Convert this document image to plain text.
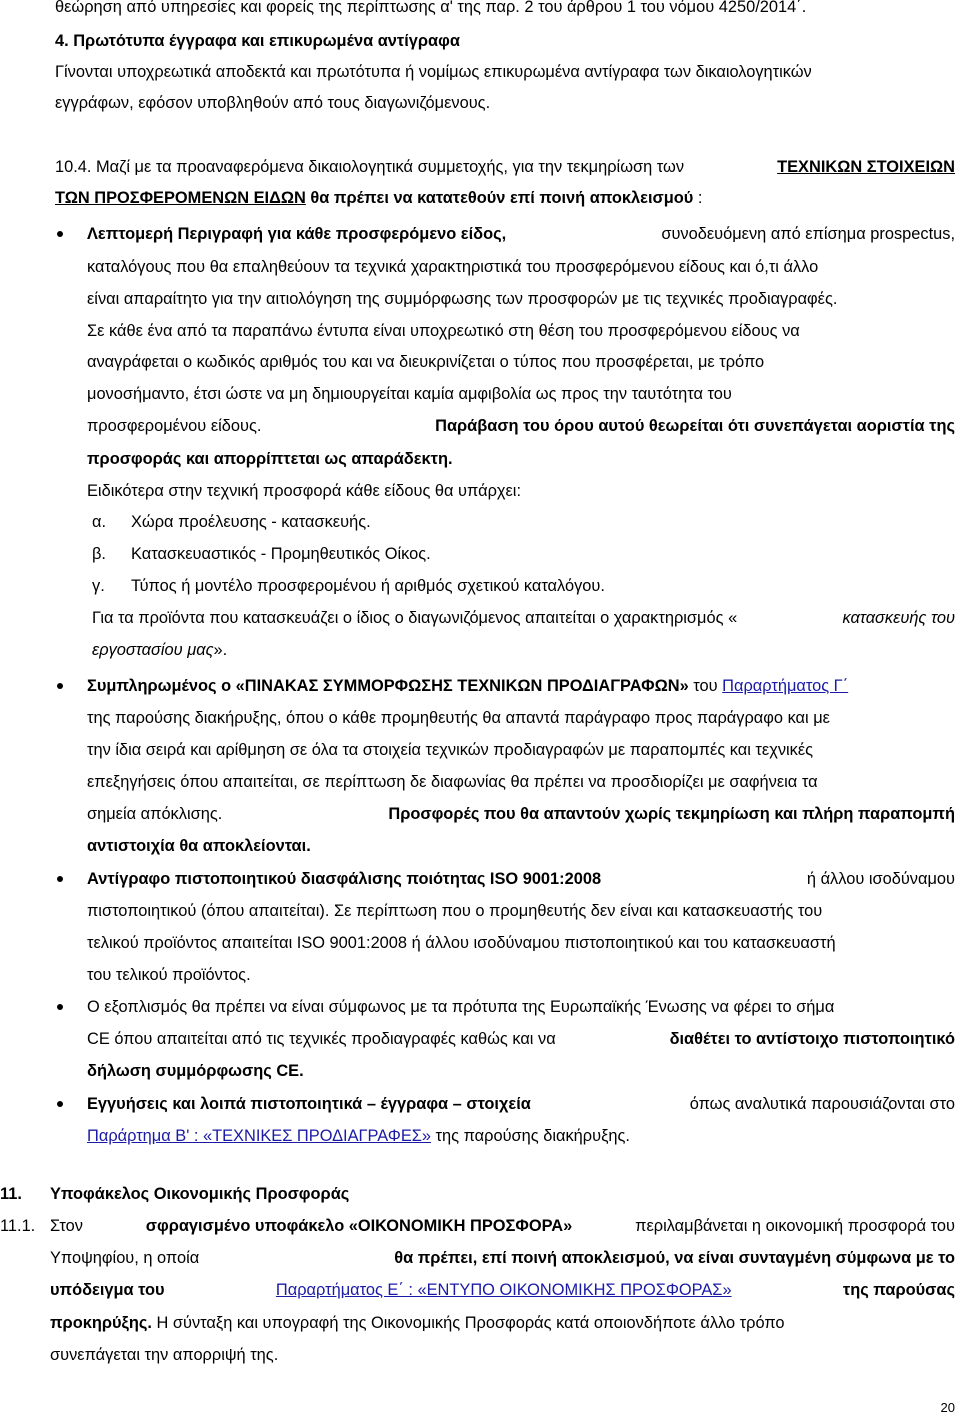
θεώρηση από υπηρεσίες και φορείς της περίπτωσης α' της παρ. 2 του άρθρου 1 του νόμου 4250/2014΄.
4. Πρωτότυπα έγγραφα και επικυρωμένα αντίγραφα
Γίνονται υποχρεωτικά αποδεκτά και πρωτότυπα ή νομίμως επικυρωμένα αντίγραφα των δικαιολογητικών
εγγράφων, εφόσον υποβληθούν από τους διαγωνιζόμενους.
10.4. Μαζί με τα προαναφερόμενα δικαιολογητικά συμμετοχής, για την τεκμηρίωση των	ΤΕΧΝΙΚΩΝ ΣΤΟΙΧΕΙΩΝ
ΤΩΝ ΠΡΟΣΦΕΡΟΜΕΝΩΝ ΕΙΔΩΝ θα πρέπει να κατατεθούν επί ποινή αποκλεισμού :
Λεπτομερή Περιγραφή για κάθε προσφερόμενο είδος,	συνοδευόμενη από επίσημα prospectus,
καταλόγους που θα επαληθεύουν τα τεχνικά χαρακτηριστικά του προσφερόμενου είδους και ό,τι άλλο
είναι απαραίτητο για την αιτιολόγηση της συμμόρφωσης των προσφορών με τις τεχνικές προδιαγραφές.
Σε κάθε ένα από τα παραπάνω έντυπα είναι υποχρεωτικό στη θέση του προσφερόμενου είδους να
αναγράφεται ο κωδικός αριθμός του και να διευκρινίζεται ο τύπος που προσφέρεται, με τρόπο
μονοσήμαντο, έτσι ώστε να μη δημιουργείται καμία αμφιβολία ως προς την ταυτότητα του
προσφερομένου είδους.	Παράβαση του όρου αυτού θεωρείται ότι συνεπάγεται αοριστία της
προσφοράς και απορρίπτεται ως απαράδεκτη.
Ειδικότερα στην τεχνική προσφορά κάθε είδους θα υπάρχει:
α. Χώρα προέλευσης - κατασκευής.
β. Κατασκευαστικός - Προμηθευτικός Οίκος.
γ. Τύπος ή μοντέλο προσφερομένου ή αριθμός σχετικού καταλόγου.
Για τα προϊόντα που κατασκευάζει ο ίδιος ο διαγωνιζόμενος απαιτείται ο χαρακτηρισμός «	κατασκευής του
εργοστασίου μας».
Συμπληρωμένος ο «ΠΙΝΑΚΑΣ ΣΥΜΜΟΡΦΩΣΗΣ ΤΕΧΝΙΚΩΝ ΠΡΟΔΙΑΓΡΑΦΩΝ» του Παραρτήματος Γ΄
της παρούσης διακήρυξης, όπου ο κάθε προμηθευτής θα απαντά παράγραφο προς παράγραφο και με
την ίδια σειρά και αρίθμηση σε όλα τα στοιχεία τεχνικών προδιαγραφών με παραπομπές και τεχνικές
επεξηγήσεις όπου απαιτείται, σε περίπτωση δε διαφωνίας θα πρέπει να προσδιορίζει με σαφήνεια τα
σημεία απόκλισης.	Προσφορές που θα απαντούν χωρίς τεκμηρίωση και πλήρη παραπομπή
αντιστοιχία θα αποκλείονται.
Αντίγραφο πιστοποιητικού διασφάλισης ποιότητας ISO 9001:2008	ή άλλου ισοδύναμου
πιστοποιητικού (όπου απαιτείται). Σε περίπτωση που ο προμηθευτής δεν είναι και κατασκευαστής του
τελικού προϊόντος απαιτείται ISO 9001:2008 ή άλλου ισοδύναμου πιστοποιητικού και του κατασκευαστή
του τελικού προϊόντος.
Ο εξοπλισμός θα πρέπει να είναι σύμφωνος με τα πρότυπα της Ευρωπαϊκής Ένωσης να φέρει το σήμα
CE όπου απαιτείται από τις τεχνικές προδιαγραφές καθώς και να	διαθέτει το αντίστοιχο πιστοποιητικό
δήλωση συμμόρφωσης CE.
Εγγυήσεις και λοιπά πιστοποιητικά – έγγραφα – στοιχεία	όπως αναλυτικά παρουσιάζονται στο
Παράρτημα Β' : «ΤΕΧΝΙΚΕΣ ΠΡΟΔΙΑΓΡΑΦΕΣ» της παρούσης διακήρυξης.
11. Υποφάκελος Οικονομικής Προσφοράς
11.1. Στον	σφραγισμένο υποφάκελο «ΟΙΚΟΝΟΜΙΚΗ ΠΡΟΣΦΟΡΑ»	περιλαμβάνεται η οικονομική προσφορά του
Υποψηφίου, η οποία	θα πρέπει, επί ποινή αποκλεισμού, να είναι συνταγμένη σύμφωνα με το
υπόδειγμα του	Παραρτήματος Ε΄ : «ΕΝΤΥΠΟ ΟΙΚΟΝΟΜΙΚΗΣ ΠΡΟΣΦΟΡΑΣ»	της παρούσας
προκηρύξης. Η σύνταξη και υπογραφή της Οικονομικής Προσφοράς κατά οποιονδήποτε άλλο τρόπο
συνεπάγεται την απορριψή της.
20
